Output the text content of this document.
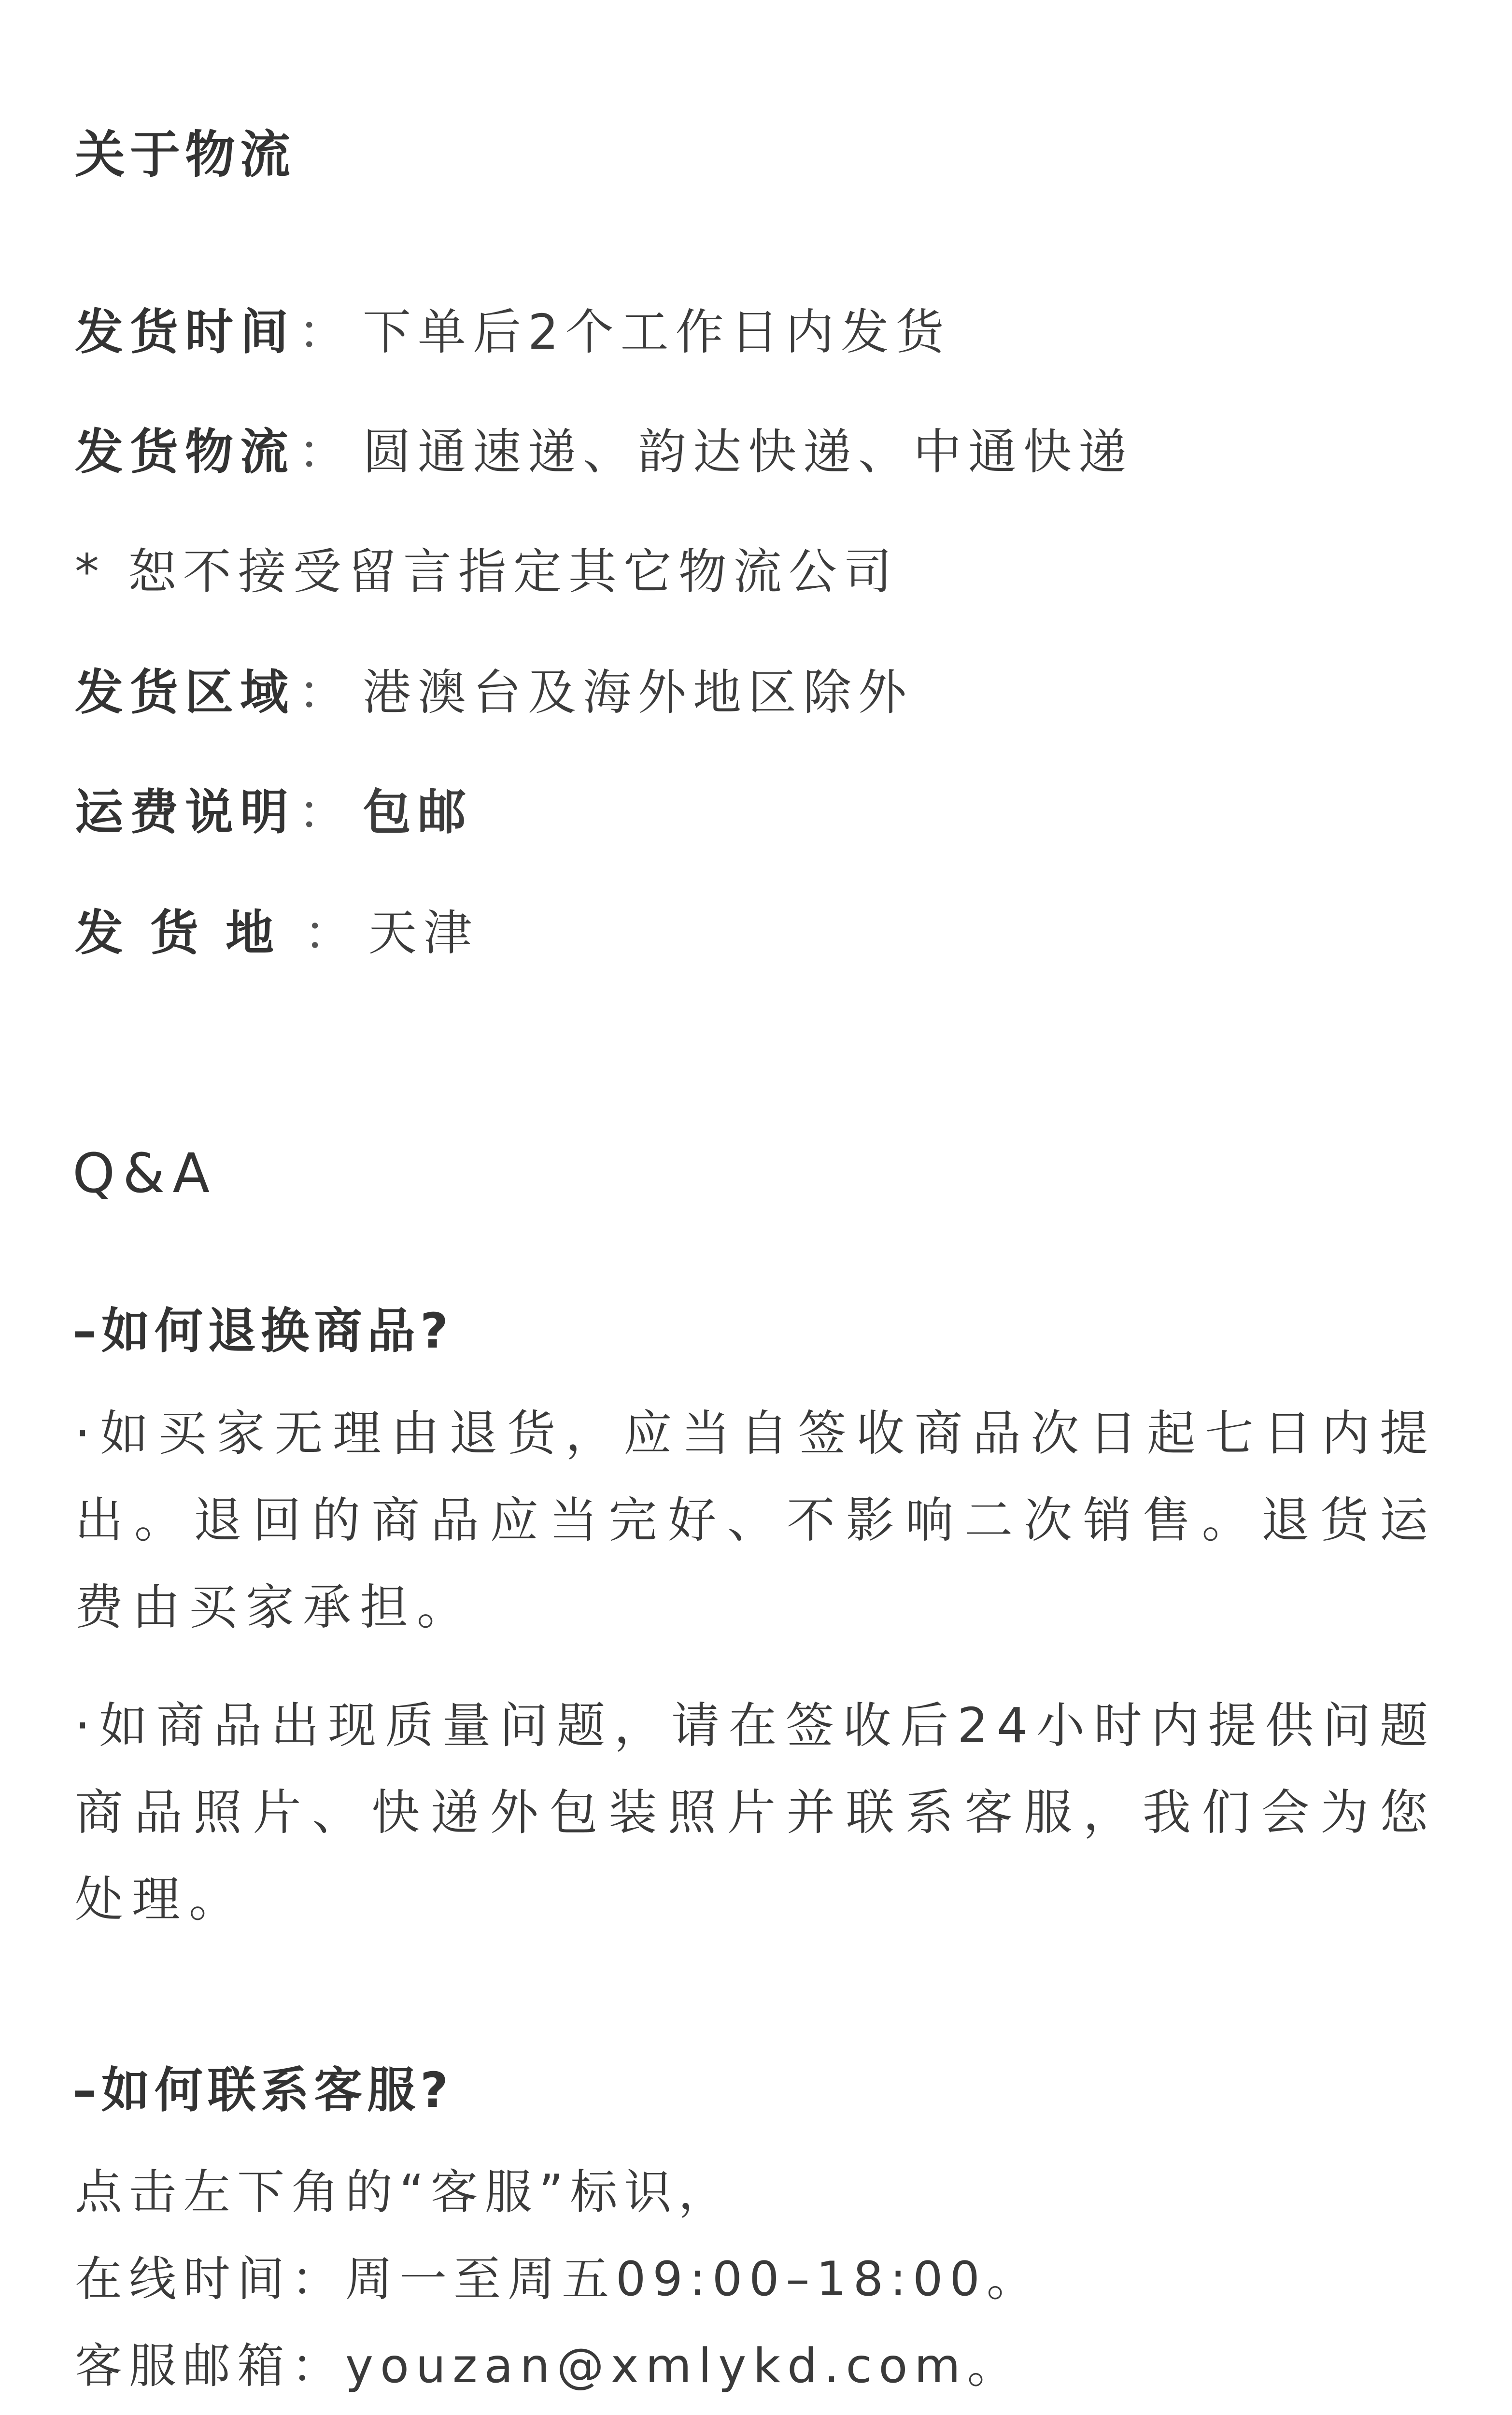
关于物流
发货时间： 下单后2个工作日内发货
发货物流： 圆通速递、韵达快递、中通快递
* 恕不接受留言指定其它物流公司
发货区域： 港澳台及海外地区除外
运费说明： 包邮
发货地： 天津
Q&A
–如何退换商品?

·如买家无理由退货，应当自签收商品次日起七日内提出。退回的商品应当完好、不影响二次销售。退货运费由买家承担。

·如商品出现质量问题，请在签收后24小时内提供问题商品照片、快递外包装照片并联系客服，我们会为您处理。

–如何联系客服?
点击左下角的“客服”标识，
在线时间：周一至周五09:00–18:00。
客服邮箱：youzan@xmlykd.com。
